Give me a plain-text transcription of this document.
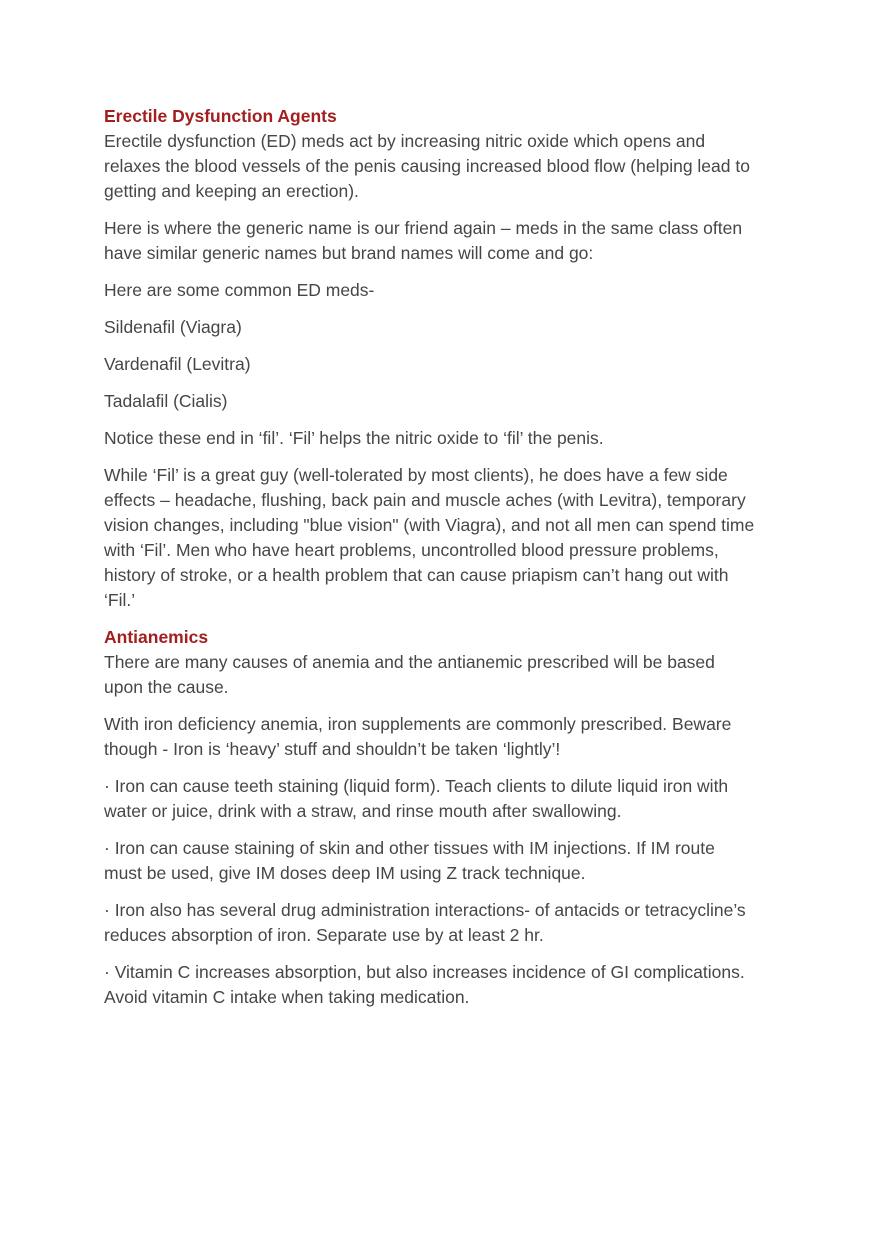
Erectile Dysfunction Agents
Erectile dysfunction (ED) meds act by increasing nitric oxide which opens and
relaxes the blood vessels of the penis causing increased blood flow (helping lead to
getting and keeping an erection).
Here is where the generic name is our friend again – meds in the same class often
have similar generic names but brand names will come and go:
Here are some common ED meds-
Sildenafil (Viagra)
Vardenafil (Levitra)
Tadalafil (Cialis)
Notice these end in ‘fil’. ‘Fil’ helps the nitric oxide to ‘fil’ the penis.
While ‘Fil’ is a great guy (well-tolerated by most clients), he does have a few side
effects – headache, flushing, back pain and muscle aches (with Levitra), temporary
vision changes, including "blue vision" (with Viagra), and not all men can spend time
with ‘Fil’. Men who have heart problems, uncontrolled blood pressure problems,
history of stroke, or a health problem that can cause priapism can’t hang out with
‘Fil.’
Antianemics
There are many causes of anemia and the antianemic prescribed will be based
upon the cause.
With iron deficiency anemia, iron supplements are commonly prescribed. Beware
though - Iron is ‘heavy’ stuff and shouldn’t be taken ‘lightly’!
· Iron can cause teeth staining (liquid form). Teach clients to dilute liquid iron with
water or juice, drink with a straw, and rinse mouth after swallowing.
· Iron can cause staining of skin and other tissues with IM injections. If IM route
must be used, give IM doses deep IM using Z track technique.
· Iron also has several drug administration interactions- of antacids or tetracycline’s
reduces absorption of iron. Separate use by at least 2 hr.
· Vitamin C increases absorption, but also increases incidence of GI complications.
Avoid vitamin C intake when taking medication.
